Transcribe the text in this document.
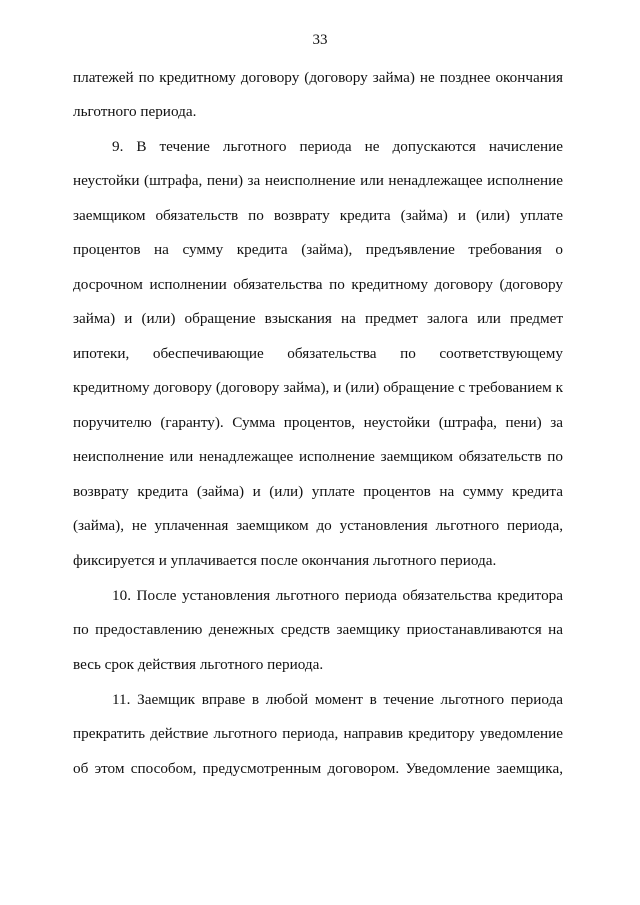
33
платежей по кредитному договору (договору займа) не позднее окончания
льготного периода.
9. В течение льготного периода не допускаются начисление
неустойки (штрафа, пени) за неисполнение или ненадлежащее исполнение
заемщиком обязательств по возврату кредита (займа) и (или) уплате
процентов на сумму кредита (займа), предъявление требования о
досрочном исполнении обязательства по кредитному договору (договору
займа) и (или) обращение взыскания на предмет залога или предмет
ипотеки, обеспечивающие обязательства по соответствующему
кредитному договору (договору займа), и (или) обращение с требованием к
поручителю (гаранту). Сумма процентов, неустойки (штрафа, пени) за
неисполнение или ненадлежащее исполнение заемщиком обязательств по
возврату кредита (займа) и (или) уплате процентов на сумму кредита
(займа), не уплаченная заемщиком до установления льготного периода,
фиксируется и уплачивается после окончания льготного периода.
10. После установления льготного периода обязательства кредитора
по предоставлению денежных средств заемщику приостанавливаются на
весь срок действия льготного периода.
11. Заемщик вправе в любой момент в течение льготного периода
прекратить действие льготного периода, направив кредитору уведомление
об этом способом, предусмотренным договором. Уведомление заемщика,
